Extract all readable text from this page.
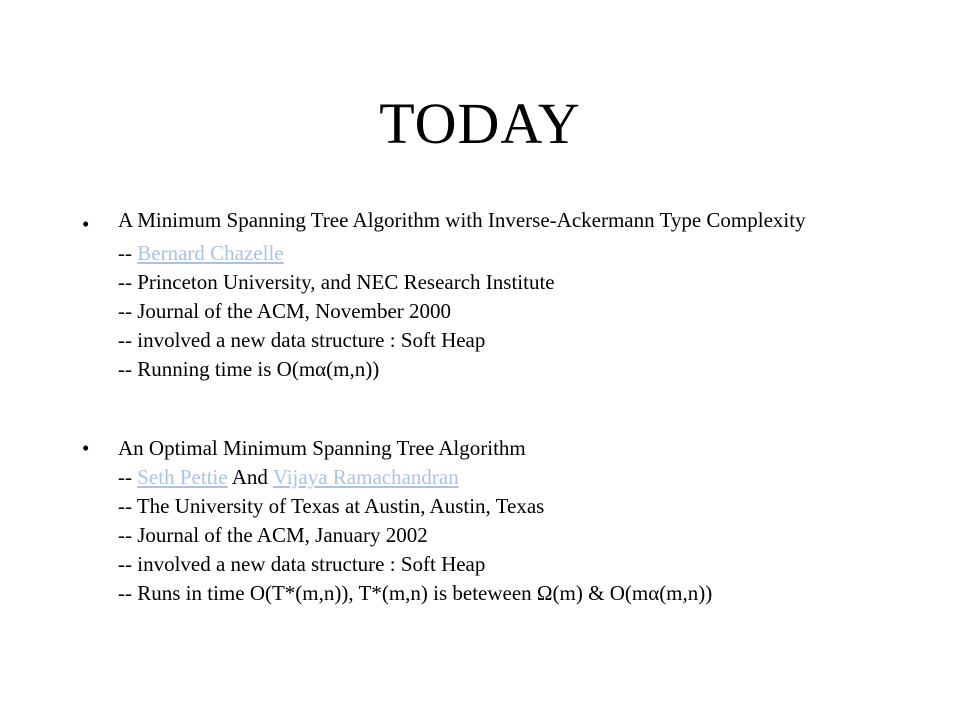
TODAY
• A Minimum Spanning Tree Algorithm with Inverse-Ackermann Type Complexity
-- Bernard Chazelle
-- Princeton University, and NEC Research Institute
-- Journal of the ACM, November 2000
-- involved a new data structure : Soft Heap
-- Running time is O(mα(m,n))
• An Optimal Minimum Spanning Tree Algorithm
-- Seth Pettie And Vijaya Ramachandran
-- The University of Texas at Austin, Austin, Texas
-- Journal of the ACM, January 2002
-- involved a new data structure : Soft Heap
-- Runs in time O(T*(m,n)), T*(m,n) is beteween Ω(m) & O(mα(m,n))
